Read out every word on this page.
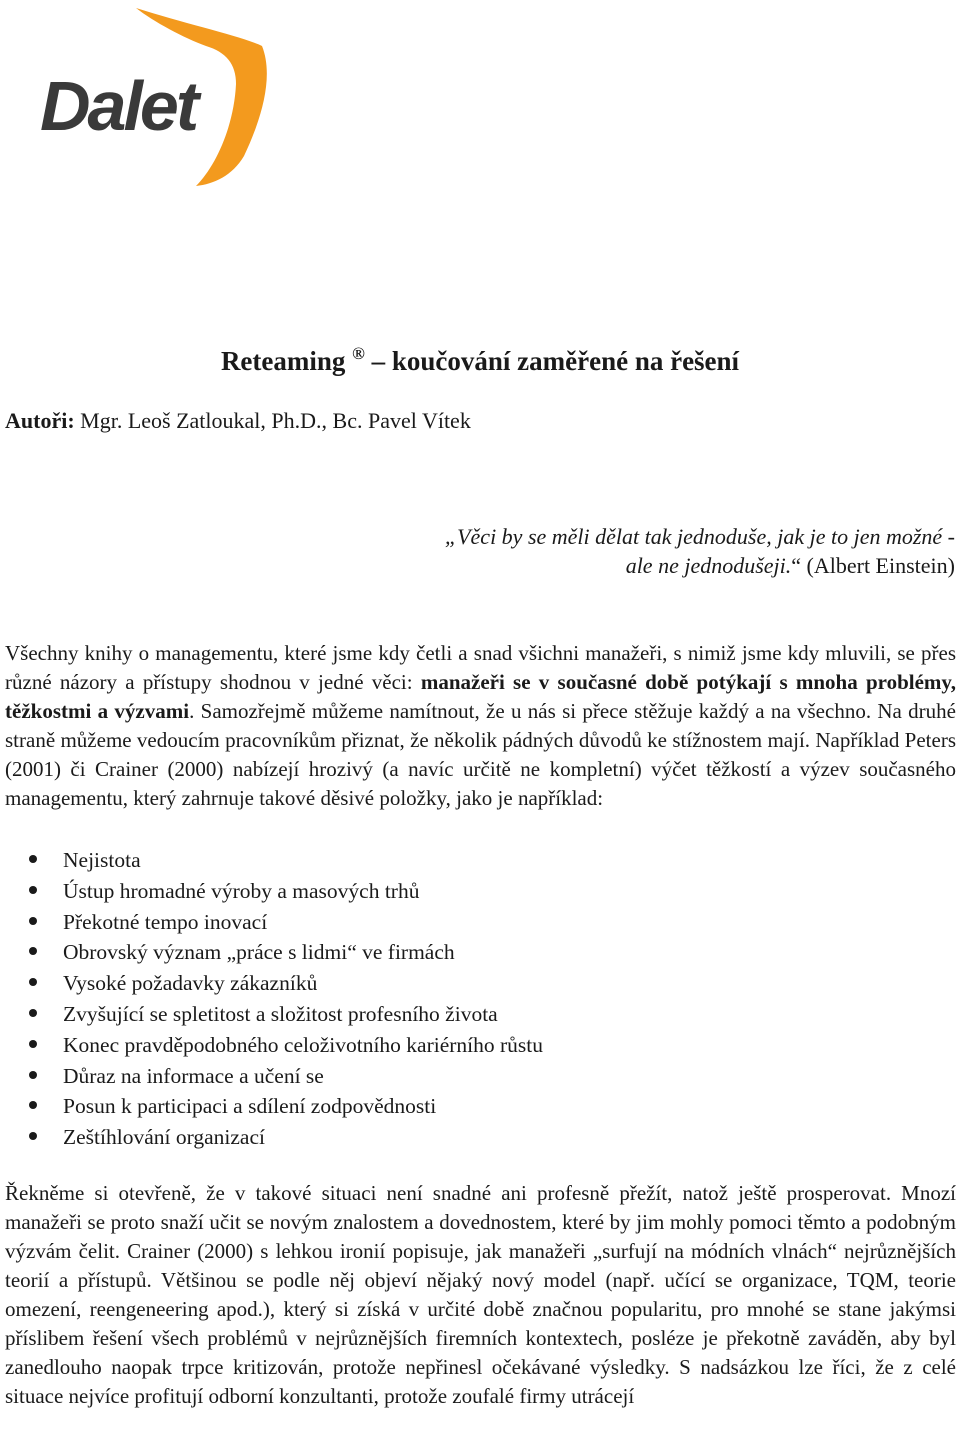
Dalet
Reteaming ® – koučování zaměřené na řešení
Autoři: Mgr. Leoš Zatloukal, Ph.D., Bc. Pavel Vítek
„Věci by se měli dělat tak jednoduše, jak je to jen možné -
ale ne jednodušeji.“ (Albert Einstein)

Všechny knihy o managementu, které jsme kdy četli a snad všichni manažeři, s nimiž jsme kdy mluvili, se přes různé názory a přístupy shodnou v jedné věci: manažeři se v současné době potýkají s mnoha problémy, těžkostmi a výzvami. Samozřejmě můžeme namítnout, že u nás si přece stěžuje každý a na všechno. Na druhé straně můžeme vedoucím pracovníkům přiznat, že několik pádných důvodů ke stížnostem mají. Například Peters (2001) či Crainer (2000) nabízejí hrozivý (a navíc určitě ne kompletní) výčet těžkostí a výzev současného managementu, který zahrnuje takové děsivé položky, jako je například:

Nejistota
Ústup hromadné výroby a masových trhů
Překotné tempo inovací
Obrovský význam „práce s lidmi“ ve firmách
Vysoké požadavky zákazníků
Zvyšující se spletitost a složitost profesního života
Konec pravděpodobného celoživotního kariérního růstu
Důraz na informace a učení se
Posun k participaci a sdílení zodpovědnosti
Zeštíhlování organizací

Řekněme si otevřeně, že v takové situaci není snadné ani profesně přežít, natož ještě prosperovat. Mnozí manažeři se proto snaží učit se novým znalostem a dovednostem, které by jim mohly pomoci těmto a podobným výzvám čelit. Crainer (2000) s lehkou ironií popisuje, jak manažeři „surfují na módních vlnách“ nejrůznějších teorií a přístupů. Většinou se podle něj objeví nějaký nový model (např. učící se organizace, TQM, teorie omezení, reengeneering apod.), který si získá v určité době značnou popularitu, pro mnohé se stane jakýmsi příslibem řešení všech problémů v nejrůznějších firemních kontextech, posléze je překotně zaváděn, aby byl zanedlouho naopak trpce kritizován, protože nepřinesl očekávané výsledky. S nadsázkou lze říci, že z celé situace nejvíce profitují odborní konzultanti, protože zoufalé firmy utrácejí
